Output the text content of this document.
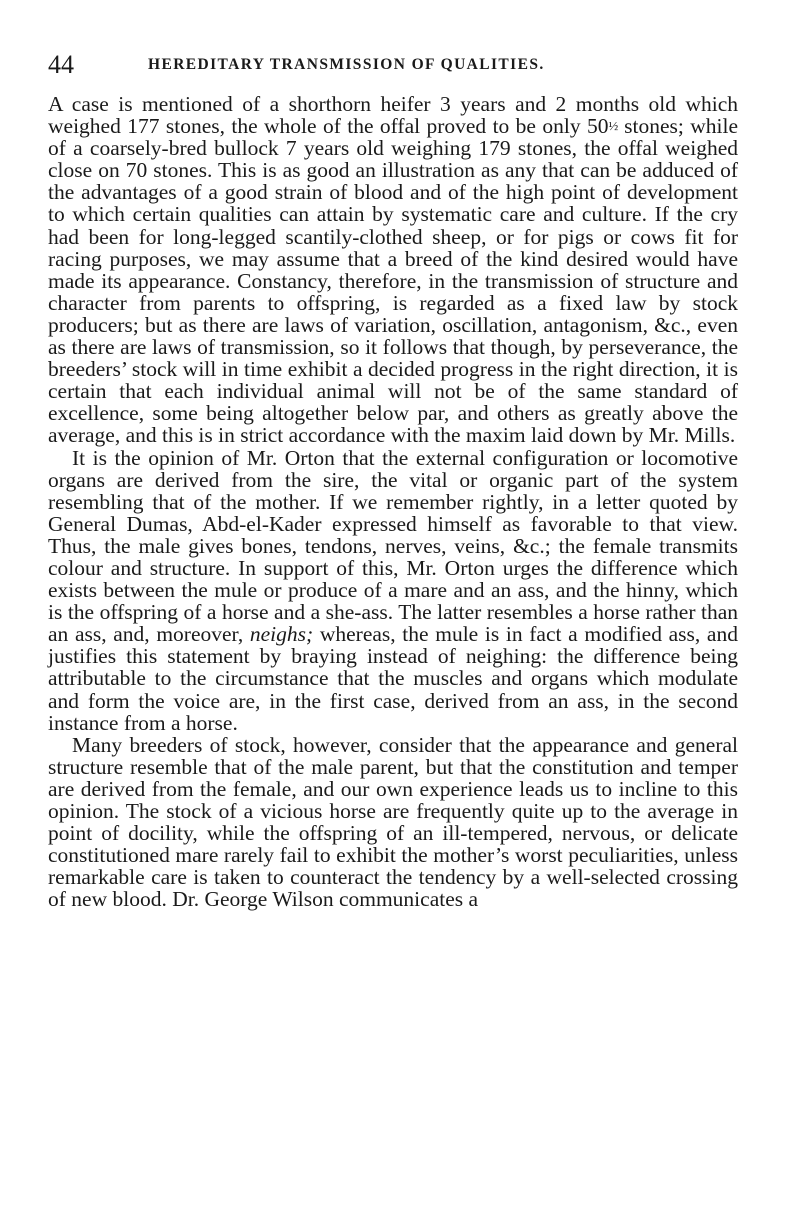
44	HEREDITARY TRANSMISSION OF QUALITIES.

A case is mentioned of a shorthorn heifer 3 years and 2 months old which weighed 177 stones, the whole of the offal proved to be only 50½ stones; while of a coarsely-bred bullock 7 years old weighing 179 stones, the offal weighed close on 70 stones. This is as good an illustration as any that can be adduced of the advantages of a good strain of blood and of the high point of development to which certain qualities can attain by systematic care and culture. If the cry had been for long-legged scantily-clothed sheep, or for pigs or cows fit for racing purposes, we may assume that a breed of the kind desired would have made its appearance. Constancy, therefore, in the transmission of structure and character from parents to offspring, is regarded as a fixed law by stock producers; but as there are laws of variation, oscillation, antagonism, &c., even as there are laws of transmission, so it follows that though, by perseverance, the breeders’ stock will in time exhibit a decided progress in the right direction, it is certain that each individual animal will not be of the same standard of excellence, some being altogether below par, and others as greatly above the average, and this is in strict accordance with the maxim laid down by Mr. Mills.

It is the opinion of Mr. Orton that the external configuration or locomotive organs are derived from the sire, the vital or organic part of the system resembling that of the mother. If we remember rightly, in a letter quoted by General Dumas, Abd-el-Kader expressed himself as favorable to that view. Thus, the male gives bones, tendons, nerves, veins, &c.; the female transmits colour and structure. In support of this, Mr. Orton urges the difference which exists between the mule or produce of a mare and an ass, and the hinny, which is the offspring of a horse and a she-ass. The latter resembles a horse rather than an ass, and, moreover, neighs; whereas, the mule is in fact a modified ass, and justifies this statement by braying instead of neighing: the difference being attributable to the circumstance that the muscles and organs which modulate and form the voice are, in the first case, derived from an ass, in the second instance from a horse.

Many breeders of stock, however, consider that the appearance and general structure resemble that of the male parent, but that the constitution and temper are derived from the female, and our own experience leads us to incline to this opinion. The stock of a vicious horse are frequently quite up to the average in point of docility, while the offspring of an ill-tempered, nervous, or delicate constitutioned mare rarely fail to exhibit the mother’s worst peculiarities, unless remarkable care is taken to counteract the tendency by a well-selected crossing of new blood. Dr. George Wilson communicates a
